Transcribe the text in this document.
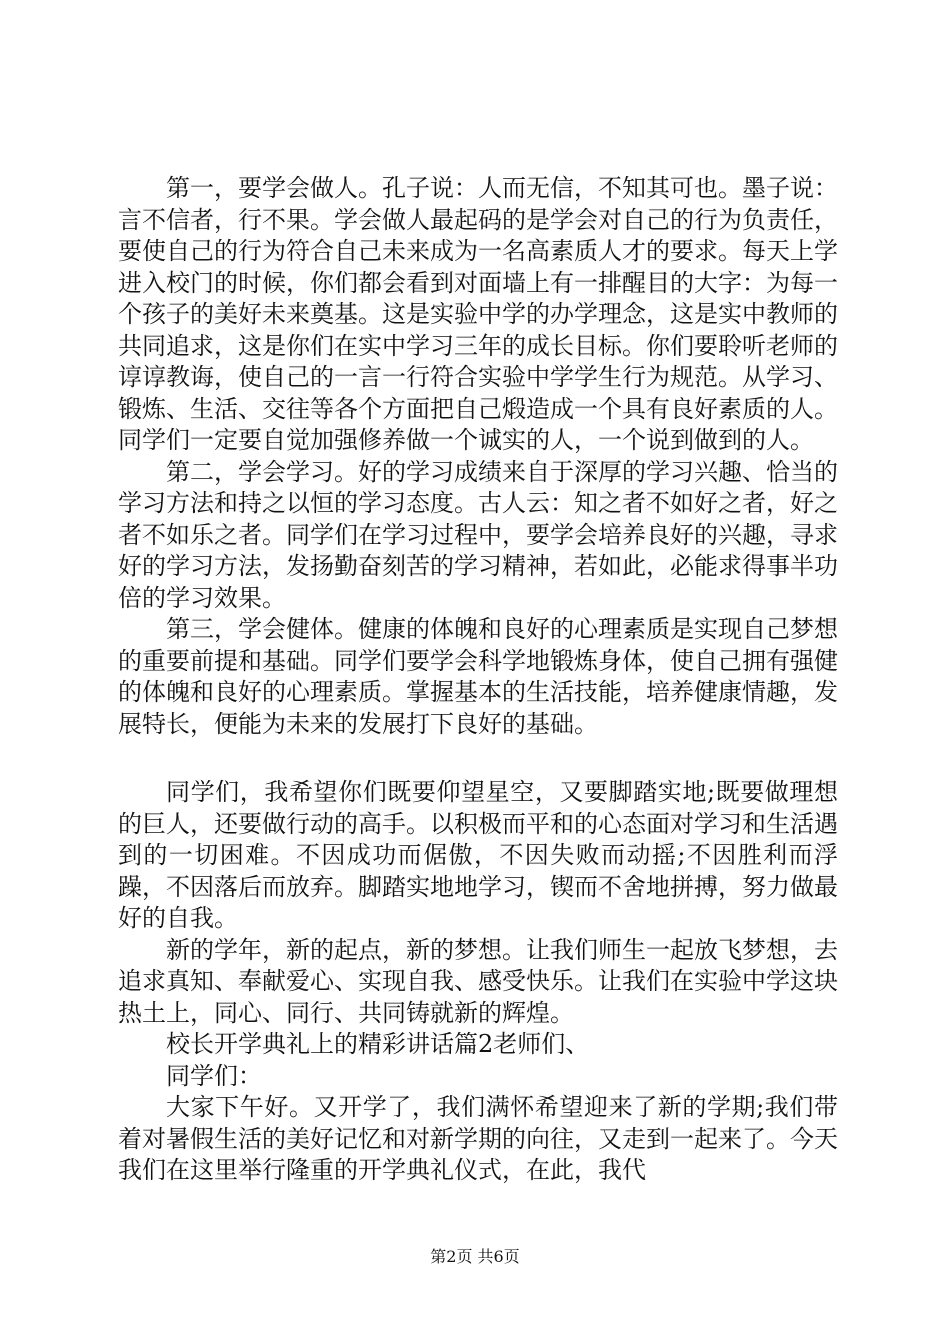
第一，要学会做人。孔子说：人而无信，不知其可也。墨子说：言不信者，行不果。学会做人最起码的是学会对自己的行为负责任，要使自己的行为符合自己未来成为一名高素质人才的要求。每天上学进入校门的时候，你们都会看到对面墙上有一排醒目的大字：为每一个孩子的美好未来奠基。这是实验中学的办学理念，这是实中教师的共同追求，这是你们在实中学习三年的成长目标。你们要聆听老师的谆谆教诲，使自己的一言一行符合实验中学学生行为规范。从学习、锻炼、生活、交往等各个方面把自己煅造成一个具有良好素质的人。同学们一定要自觉加强修养做一个诚实的人，一个说到做到的人。

第二，学会学习。好的学习成绩来自于深厚的学习兴趣、恰当的学习方法和持之以恒的学习态度。古人云：知之者不如好之者，好之者不如乐之者。同学们在学习过程中，要学会培养良好的兴趣，寻求好的学习方法，发扬勤奋刻苦的学习精神，若如此，必能求得事半功倍的学习效果。

第三，学会健体。健康的体魄和良好的心理素质是实现自己梦想的重要前提和基础。同学们要学会科学地锻炼身体，使自己拥有强健的体魄和良好的心理素质。掌握基本的生活技能，培养健康情趣，发展特长，便能为未来的发展打下良好的基础。

同学们，我希望你们既要仰望星空，又要脚踏实地;既要做理想的巨人，还要做行动的高手。以积极而平和的心态面对学习和生活遇到的一切困难。不因成功而倨傲，不因失败而动摇;不因胜利而浮躁，不因落后而放弃。脚踏实地地学习，锲而不舍地拼搏，努力做最好的自我。

新的学年，新的起点，新的梦想。让我们师生一起放飞梦想，去追求真知、奉献爱心、实现自我、感受快乐。让我们在实验中学这块热土上，同心、同行、共同铸就新的辉煌。

校长开学典礼上的精彩讲话篇2老师们、

同学们：

大家下午好。又开学了，我们满怀希望迎来了新的学期;我们带着对暑假生活的美好记忆和对新学期的向往，又走到一起来了。今天我们在这里举行隆重的开学典礼仪式，在此，我代

第2页 共6页
